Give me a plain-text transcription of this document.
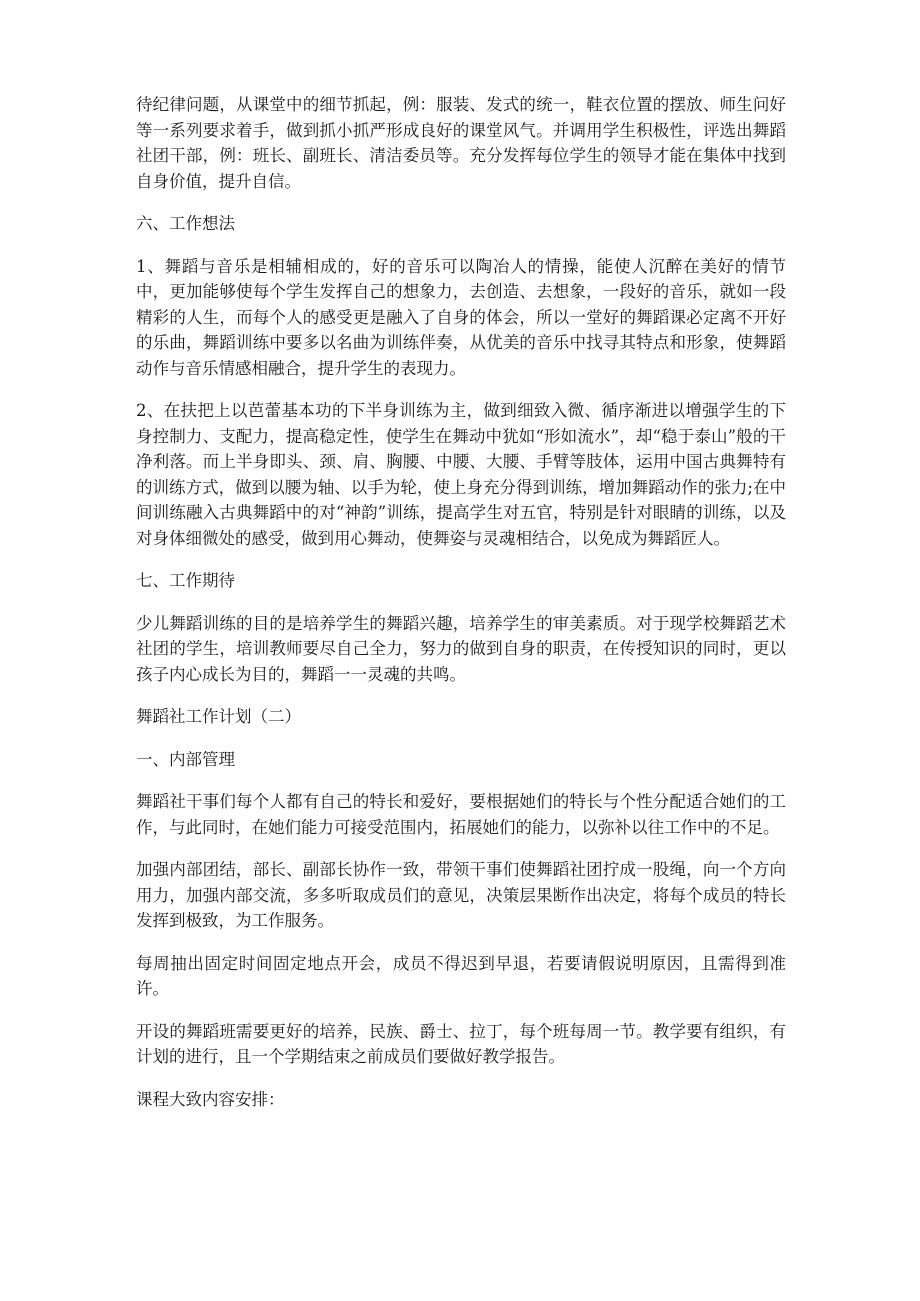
待纪律问题，从课堂中的细节抓起，例：服装、发式的统一，鞋衣位置的摆放、师生问好等一系列要求着手，做到抓小抓严形成良好的课堂风气。并调用学生积极性，评选出舞蹈社团干部，例：班长、副班长、清洁委员等。充分发挥每位学生的领导才能在集体中找到自身价值，提升自信。

六、工作想法

1、舞蹈与音乐是相辅相成的，好的音乐可以陶冶人的情操，能使人沉醉在美好的情节中，更加能够使每个学生发挥自己的想象力，去创造、去想象，一段好的音乐，就如一段精彩的人生，而每个人的感受更是融入了自身的体会，所以一堂好的舞蹈课必定离不开好的乐曲，舞蹈训练中要多以名曲为训练伴奏，从优美的音乐中找寻其特点和形象，使舞蹈动作与音乐情感相融合，提升学生的表现力。

2、在扶把上以芭蕾基本功的下半身训练为主，做到细致入微、循序渐进以增强学生的下身控制力、支配力，提高稳定性，使学生在舞动中犹如“形如流水”，却“稳于泰山”般的干净利落。而上半身即头、颈、肩、胸腰、中腰、大腰、手臂等肢体，运用中国古典舞特有的训练方式，做到以腰为轴、以手为轮，使上身充分得到训练，增加舞蹈动作的张力;在中间训练融入古典舞蹈中的对“神韵”训练，提高学生对五官，特别是针对眼睛的训练，以及对身体细微处的感受，做到用心舞动，使舞姿与灵魂相结合，以免成为舞蹈匠人。

七、工作期待

少儿舞蹈训练的目的是培养学生的舞蹈兴趣，培养学生的审美素质。对于现学校舞蹈艺术社团的学生，培训教师要尽自己全力，努力的做到自身的职责，在传授知识的同时，更以孩子内心成长为目的，舞蹈一一灵魂的共鸣。

舞蹈社工作计划（二）

一、内部管理

舞蹈社干事们每个人都有自己的特长和爱好，要根据她们的特长与个性分配适合她们的工作，与此同时，在她们能力可接受范围内，拓展她们的能力，以弥补以往工作中的不足。

加强内部团结，部长、副部长协作一致，带领干事们使舞蹈社团拧成一股绳，向一个方向用力，加强内部交流，多多听取成员们的意见，决策层果断作出决定，将每个成员的特长发挥到极致，为工作服务。

每周抽出固定时间固定地点开会，成员不得迟到早退，若要请假说明原因，且需得到准许。

开设的舞蹈班需要更好的培养，民族、爵士、拉丁，每个班每周一节。教学要有组织，有计划的进行，且一个学期结束之前成员们要做好教学报告。

课程大致内容安排：
